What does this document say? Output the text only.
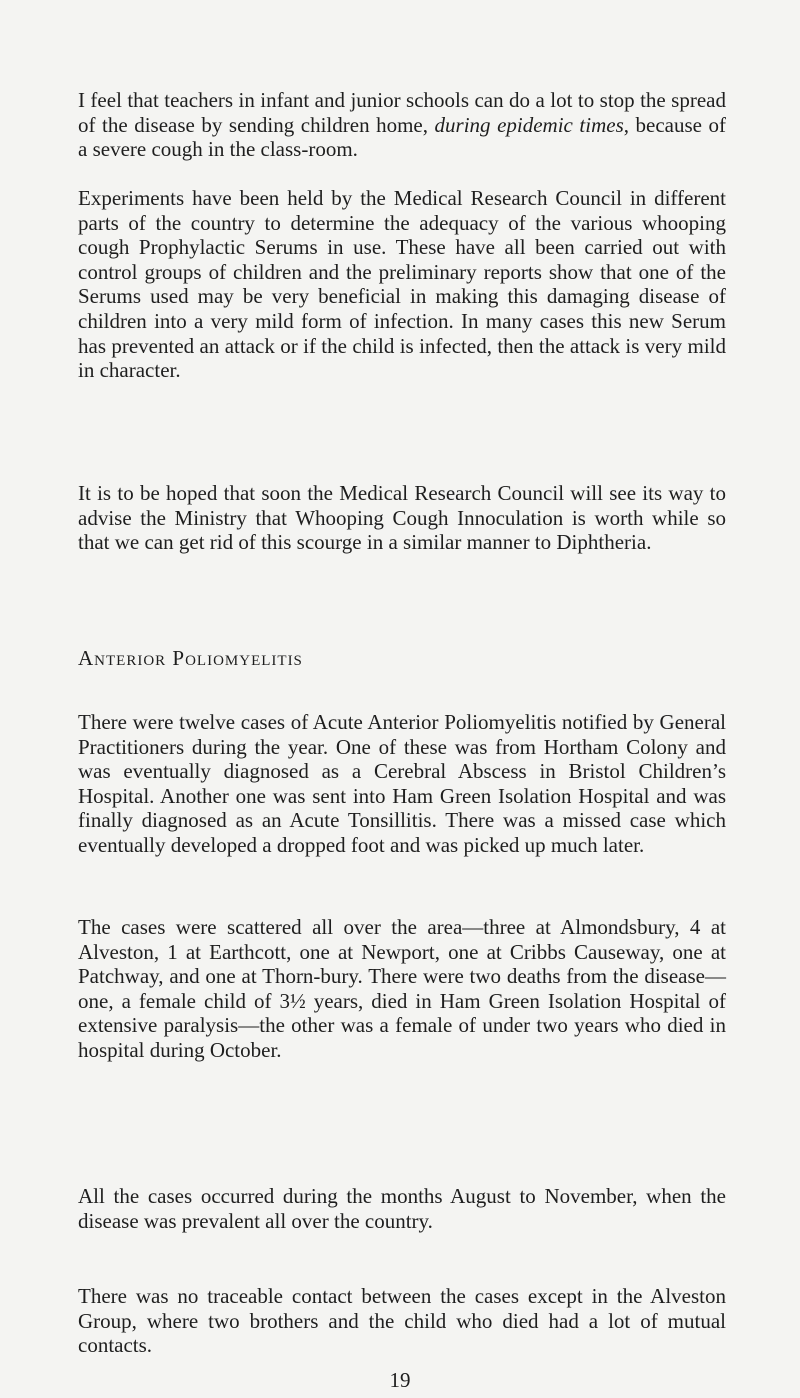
I feel that teachers in infant and junior schools can do a lot to stop the spread of the disease by sending children home, during epidemic times, because of a severe cough in the class-room.

Experiments have been held by the Medical Research Council in different parts of the country to determine the adequacy of the various whooping cough Prophylactic Serums in use. These have all been carried out with control groups of children and the preliminary reports show that one of the Serums used may be very beneficial in making this damaging disease of children into a very mild form of infection. In many cases this new Serum has prevented an attack or if the child is infected, then the attack is very mild in character.

It is to be hoped that soon the Medical Research Council will see its way to advise the Ministry that Whooping Cough Innoculation is worth while so that we can get rid of this scourge in a similar manner to Diphtheria.

Anterior Poliomyelitis

There were twelve cases of Acute Anterior Poliomyelitis notified by General Practitioners during the year. One of these was from Hortham Colony and was eventually diagnosed as a Cerebral Abscess in Bristol Children’s Hospital. Another one was sent into Ham Green Isolation Hospital and was finally diagnosed as an Acute Tonsillitis. There was a missed case which eventually developed a dropped foot and was picked up much later.

The cases were scattered all over the area—three at Almondsbury, 4 at Alveston, 1 at Earthcott, one at Newport, one at Cribbs Causeway, one at Patchway, and one at Thorn-bury. There were two deaths from the disease—one, a female child of 3½ years, died in Ham Green Isolation Hospital of extensive paralysis—the other was a female of under two years who died in hospital during October.

All the cases occurred during the months August to November, when the disease was prevalent all over the country.

There was no traceable contact between the cases except in the Alveston Group, where two brothers and the child who died had a lot of mutual contacts.

19
